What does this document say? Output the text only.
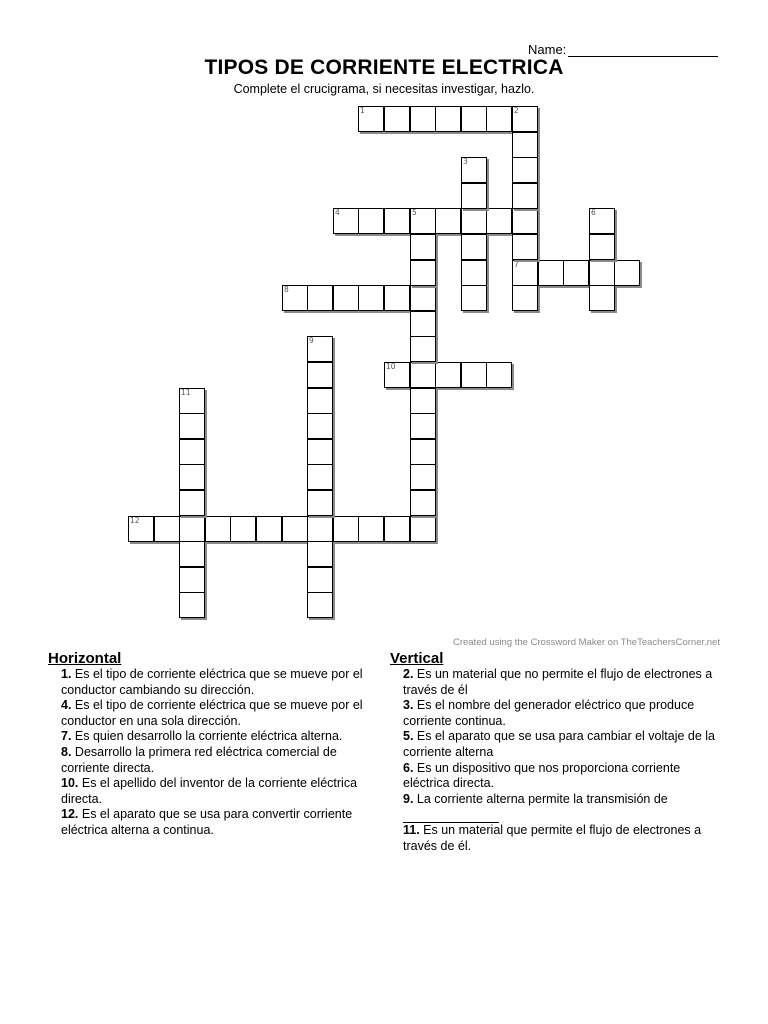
Name:
TIPOS DE CORRIENTE ELECTRICA
Complete el crucigrama, si necesitas investigar, hazlo.
1	2
4	5
7
8
10
12
3
6
9
11
Created using the Crossword Maker on TheTeachersCorner.net
Horizontal
1. Es el tipo de corriente eléctrica que se mueve por el conductor cambiando su dirección.
4. Es el tipo de corriente eléctrica que se mueve por el conductor en una sola dirección.
7. Es quien desarrollo la corriente eléctrica alterna.
8. Desarrollo la primera red eléctrica comercial de corriente directa.
10. Es el apellido del inventor de la corriente eléctrica directa.
12. Es el aparato que se usa para convertir corriente eléctrica alterna a continua.
Vertical
2. Es un material que no permite el flujo de electrones a través de él
3. Es el nombre del generador eléctrico que produce corriente continua.
5. Es el aparato que se usa para cambiar el voltaje de la corriente alterna
6. Es un dispositivo que nos proporciona corriente eléctrica directa.
9. La corriente alterna permite la transmisión de

11. Es un material que permite el flujo de electrones a través de él.
